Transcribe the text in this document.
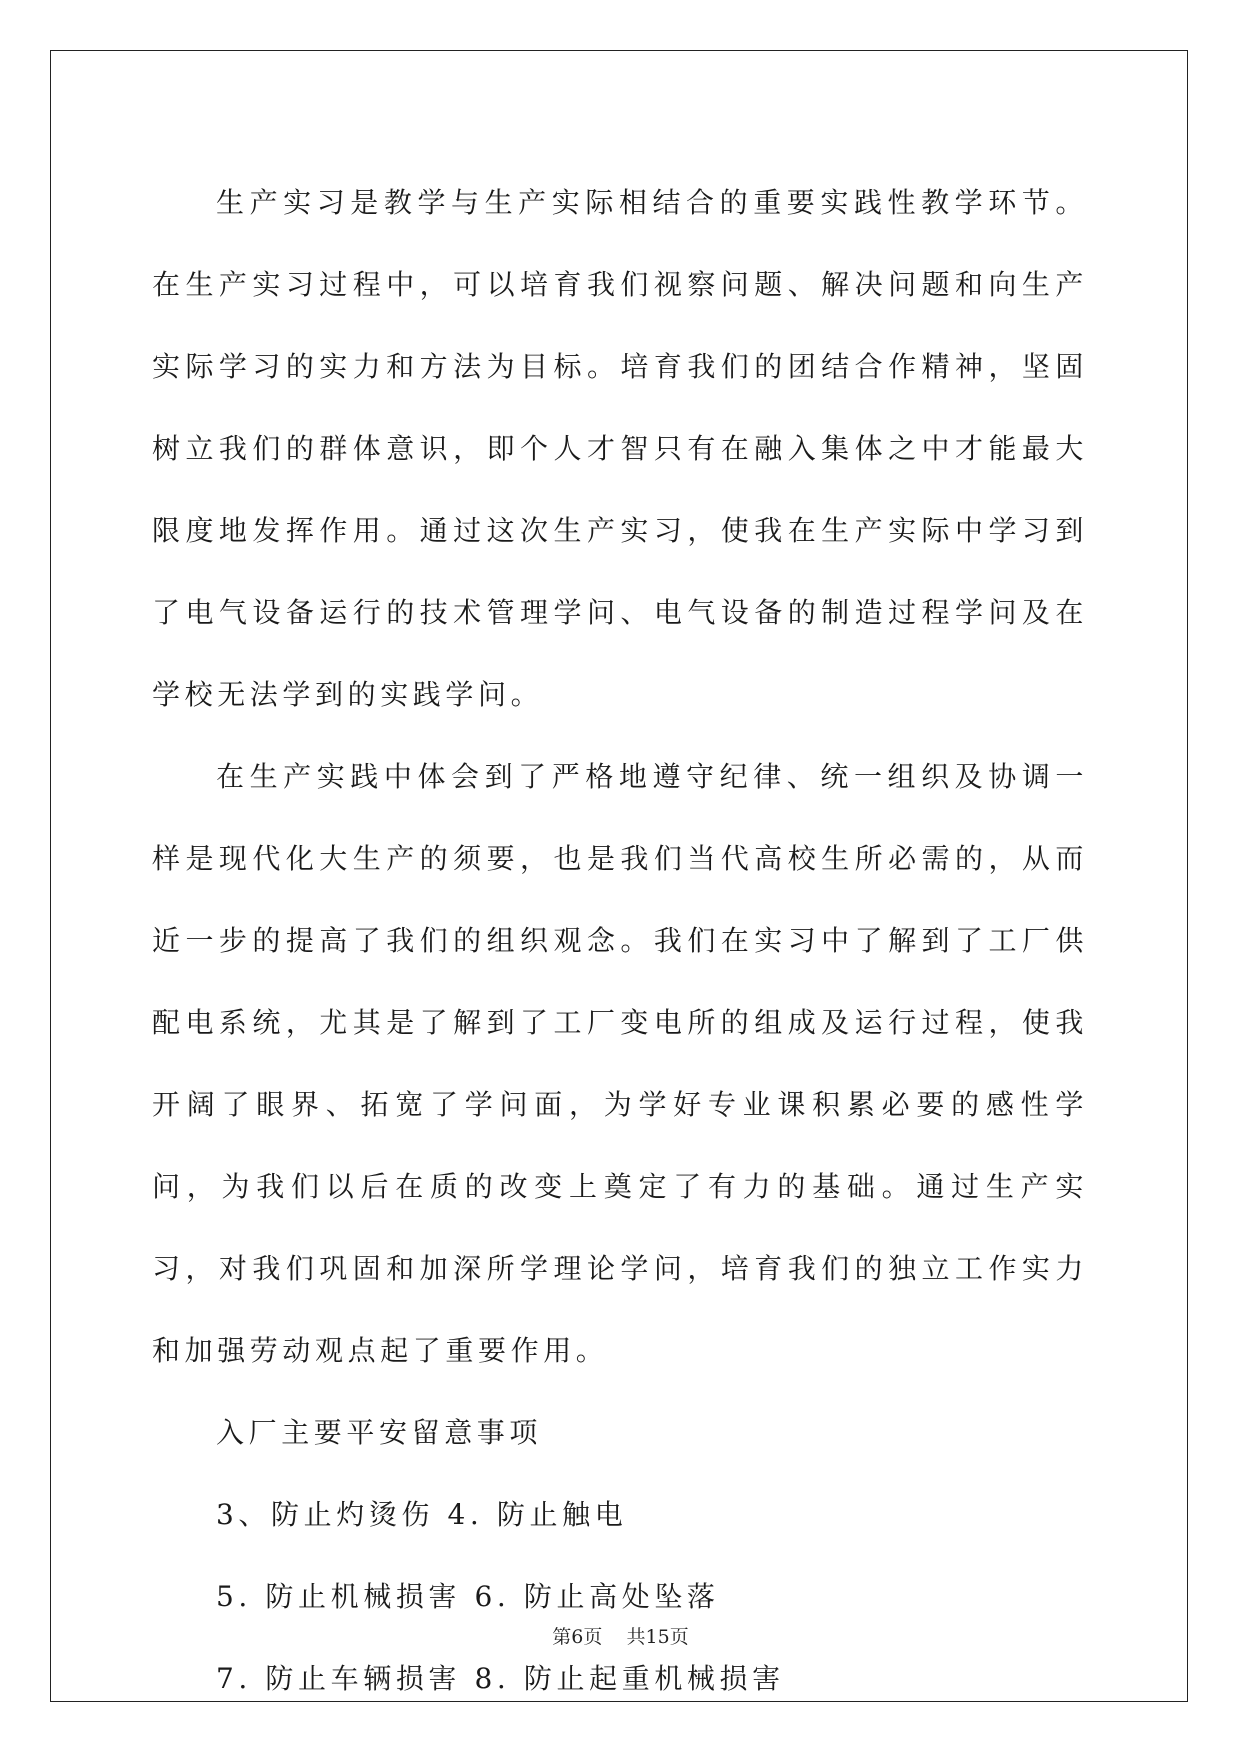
生产实习是教学与生产实际相结合的重要实践性教学环节。在生产实习过程中，可以培育我们视察问题、解决问题和向生产实际学习的实力和方法为目标。培育我们的团结合作精神，坚固树立我们的群体意识，即个人才智只有在融入集体之中才能最大限度地发挥作用。通过这次生产实习，使我在生产实际中学习到了电气设备运行的技术管理学问、电气设备的制造过程学问及在学校无法学到的实践学问。

在生产实践中体会到了严格地遵守纪律、统一组织及协调一样是现代化大生产的须要，也是我们当代高校生所必需的，从而近一步的提高了我们的组织观念。我们在实习中了解到了工厂供配电系统，尤其是了解到了工厂变电所的组成及运行过程，使我开阔了眼界、拓宽了学问面，为学好专业课积累必要的感性学问，为我们以后在质的改变上奠定了有力的基础。通过生产实习，对我们巩固和加深所学理论学问，培育我们的独立工作实力和加强劳动观点起了重要作用。

入厂主要平安留意事项

3、防止灼烫伤 4. 防止触电

5. 防止机械损害 6. 防止高处坠落

7. 防止车辆损害 8. 防止起重机械损害

第6页    共15页
